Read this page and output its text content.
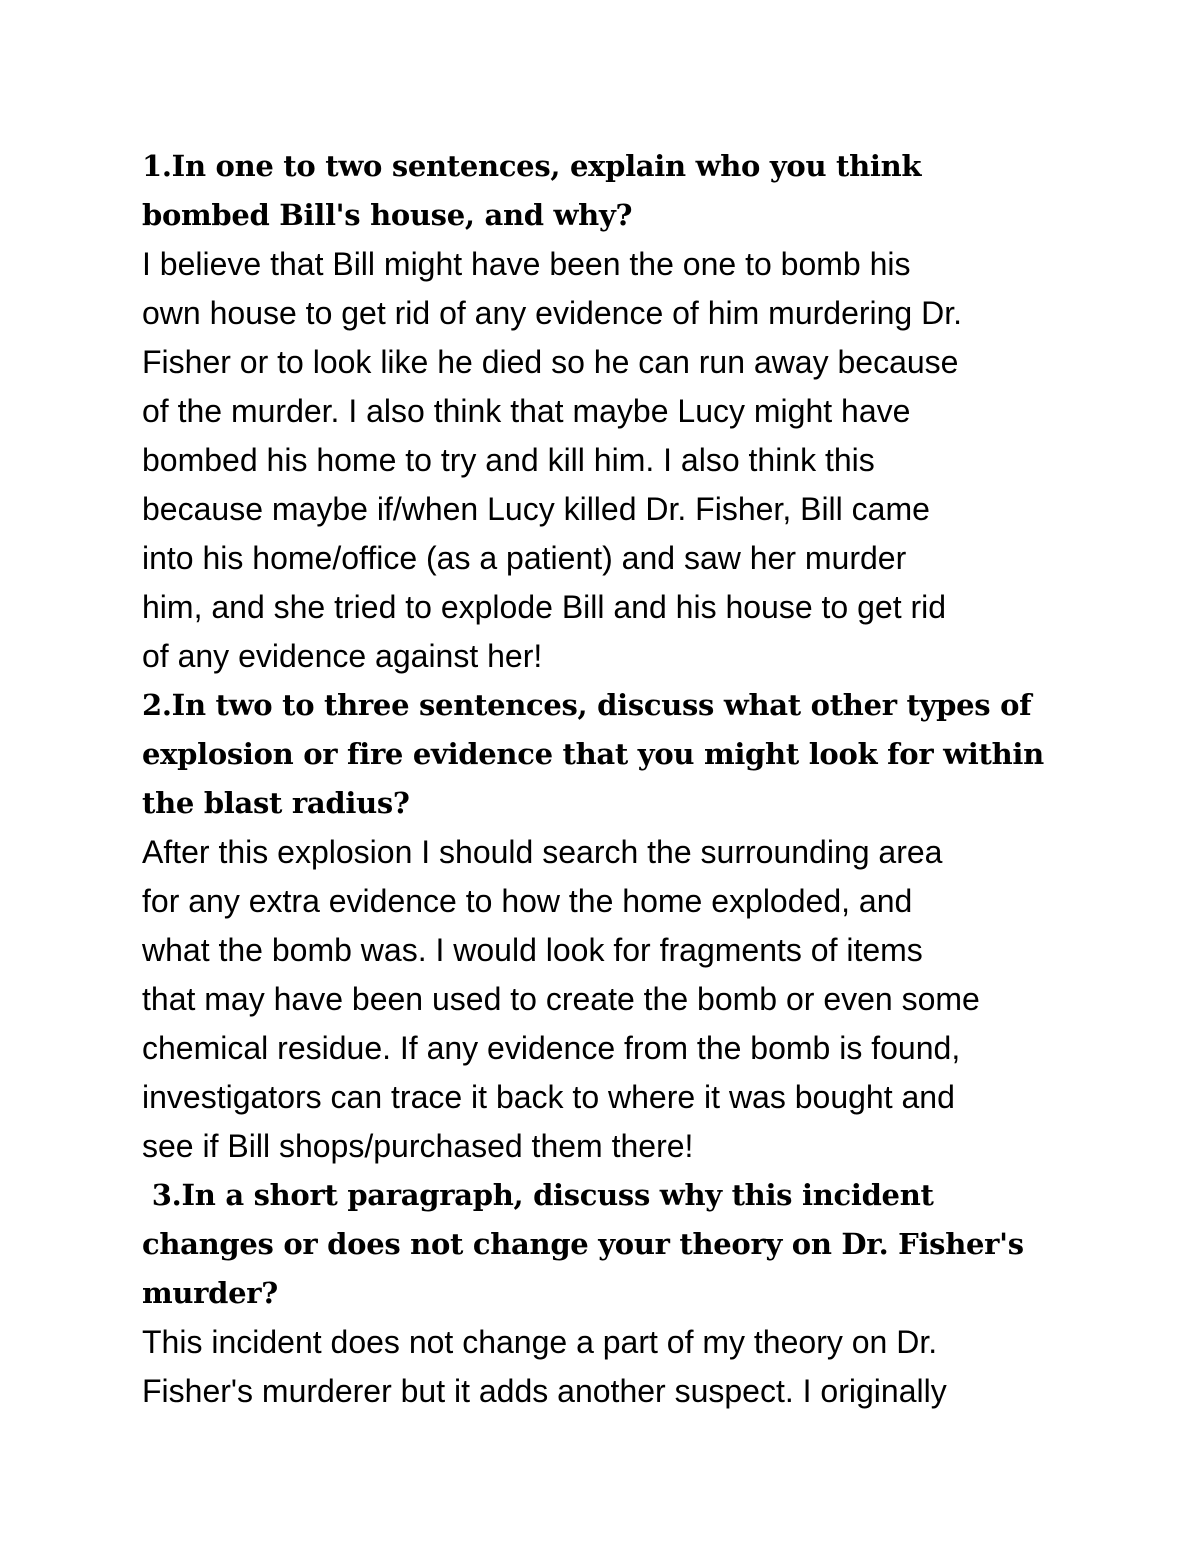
1.In one to two sentences, explain who you think
bombed Bill's house, and why?

I believe that Bill might have been the one to bomb his
own house to get rid of any evidence of him murdering Dr.
Fisher or to look like he died so he can run away because
of the murder. I also think that maybe Lucy might have
bombed his home to try and kill him. I also think this
because maybe if/when Lucy killed Dr. Fisher, Bill came
into his home/office (as a patient) and saw her murder
him, and she tried to explode Bill and his house to get rid
of any evidence against her!

2.In two to three sentences, discuss what other types of
explosion or fire evidence that you might look for within
the blast radius?

After this explosion I should search the surrounding area
for any extra evidence to how the home exploded, and
what the bomb was. I would look for fragments of items
that may have been used to create the bomb or even some
chemical residue. If any evidence from the bomb is found,
investigators can trace it back to where it was bought and
see if Bill shops/purchased them there!

3.In a short paragraph, discuss why this incident
changes or does not change your theory on Dr. Fisher's
murder?

This incident does not change a part of my theory on Dr.
Fisher's murderer but it adds another suspect. I originally
